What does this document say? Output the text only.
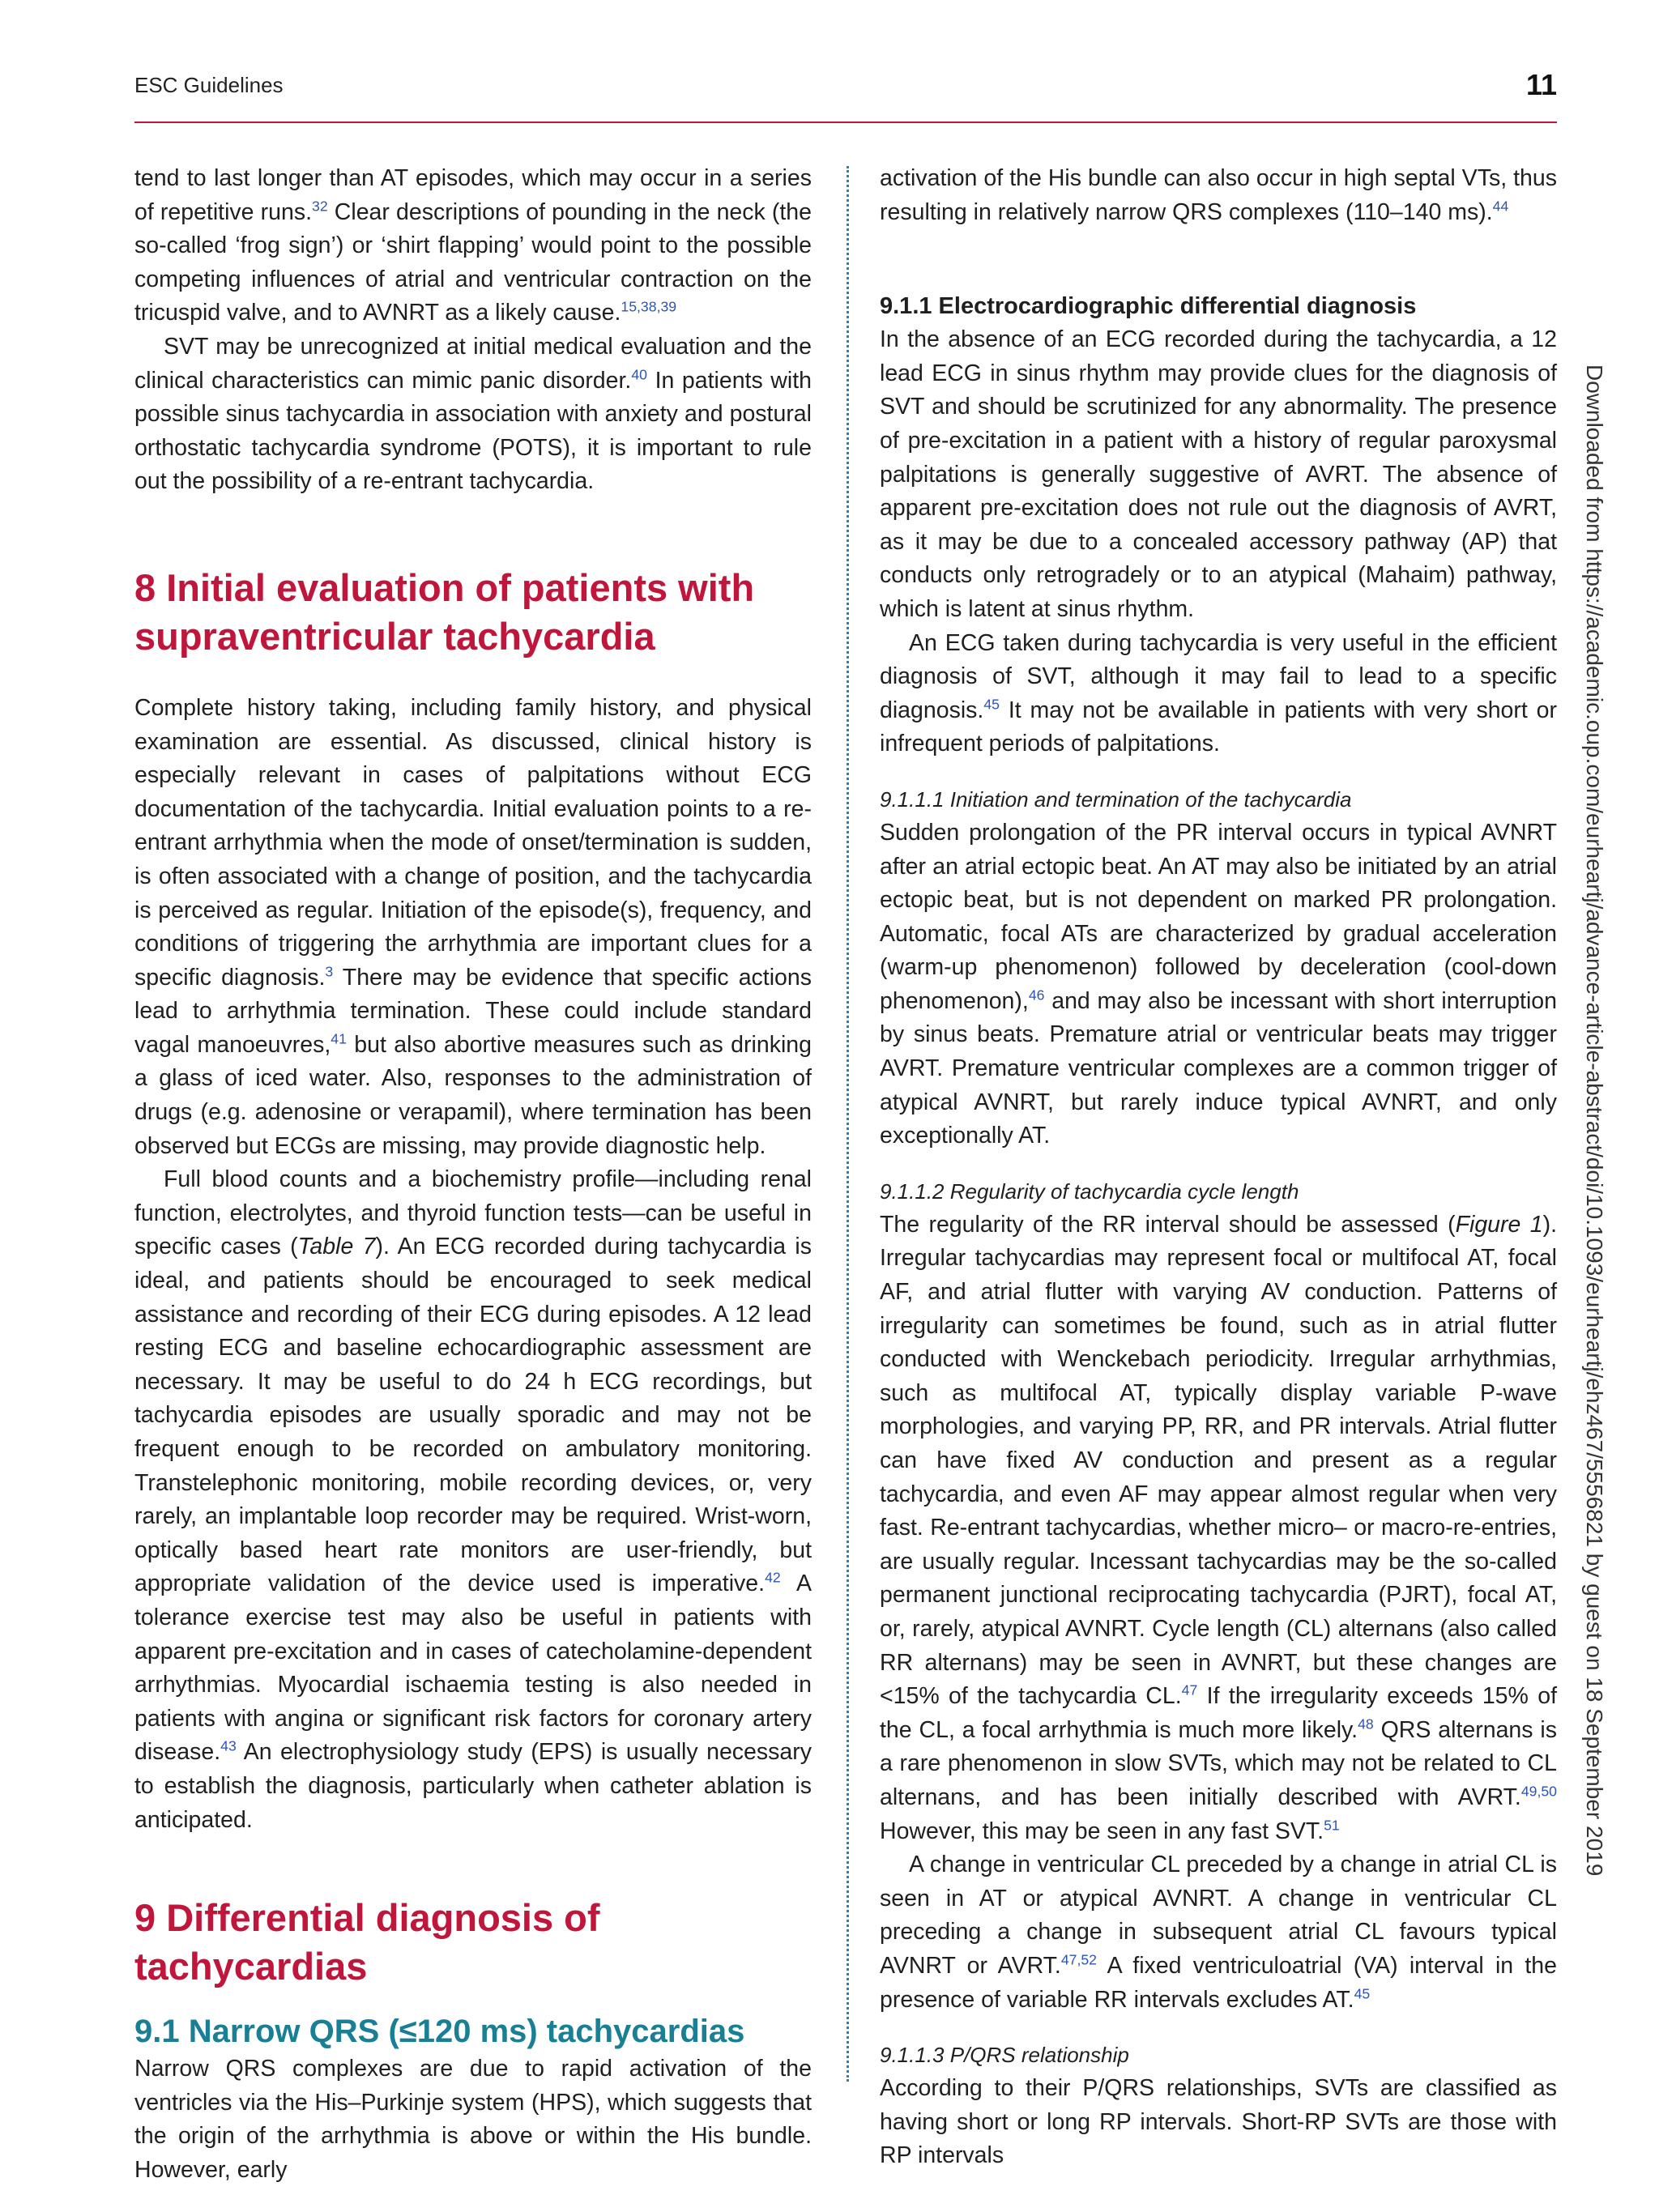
ESC Guidelines	11

tend to last longer than AT episodes, which may occur in a series of repetitive runs.$^{32}$ Clear descriptions of pounding in the neck (the so-called ‘frog sign’) or ‘shirt flapping’ would point to the possible competing influences of atrial and ventricular contraction on the tricuspid valve, and to AVNRT as a likely cause.$^{15,38,39}$

SVT may be unrecognized at initial medical evaluation and the clinical characteristics can mimic panic disorder.$^{40}$ In patients with possible sinus tachycardia in association with anxiety and postural orthostatic tachycardia syndrome (POTS), it is important to rule out the possibility of a re-entrant tachycardia.

8 Initial evaluation of patients with supraventricular tachycardia

Complete history taking, including family history, and physical examination are essential. As discussed, clinical history is especially relevant in cases of palpitations without ECG documentation of the tachycardia. Initial evaluation points to a re-entrant arrhythmia when the mode of onset/termination is sudden, is often associated with a change of position, and the tachycardia is perceived as regular. Initiation of the episode(s), frequency, and conditions of triggering the arrhythmia are important clues for a specific diagnosis.$^3$ There may be evidence that specific actions lead to arrhythmia termination. These could include standard vagal manoeuvres,$^{41}$ but also abortive measures such as drinking a glass of iced water. Also, responses to the administration of drugs (e.g. adenosine or verapamil), where termination has been observed but ECGs are missing, may provide diagnostic help.

Full blood counts and a biochemistry profile—including renal function, electrolytes, and thyroid function tests—can be useful in specific cases (Table 7). An ECG recorded during tachycardia is ideal, and patients should be encouraged to seek medical assistance and recording of their ECG during episodes. A 12 lead resting ECG and baseline echocardiographic assessment are necessary. It may be useful to do 24 h ECG recordings, but tachycardia episodes are usually sporadic and may not be frequent enough to be recorded on ambulatory monitoring. Transtelephonic monitoring, mobile recording devices, or, very rarely, an implantable loop recorder may be required. Wrist-worn, optically based heart rate monitors are user-friendly, but appropriate validation of the device used is imperative.$^{42}$ A tolerance exercise test may also be useful in patients with apparent pre-excitation and in cases of catecholamine-dependent arrhythmias. Myocardial ischaemia testing is also needed in patients with angina or significant risk factors for coronary artery disease.$^{43}$ An electrophysiology study (EPS) is usually necessary to establish the diagnosis, particularly when catheter ablation is anticipated.

9 Differential diagnosis of tachycardias
9.1 Narrow QRS (≤120 ms) tachycardias

Narrow QRS complexes are due to rapid activation of the ventricles via the His–Purkinje system (HPS), which suggests that the origin of the arrhythmia is above or within the His bundle. However, early

activation of the His bundle can also occur in high septal VTs, thus resulting in relatively narrow QRS complexes (110–140 ms).$^{44}$

9.1.1 Electrocardiographic differential diagnosis

In the absence of an ECG recorded during the tachycardia, a 12 lead ECG in sinus rhythm may provide clues for the diagnosis of SVT and should be scrutinized for any abnormality. The presence of pre-excitation in a patient with a history of regular paroxysmal palpitations is generally suggestive of AVRT. The absence of apparent pre-excitation does not rule out the diagnosis of AVRT, as it may be due to a concealed accessory pathway (AP) that conducts only retrogradely or to an atypical (Mahaim) pathway, which is latent at sinus rhythm.

An ECG taken during tachycardia is very useful in the efficient diagnosis of SVT, although it may fail to lead to a specific diagnosis.$^{45}$ It may not be available in patients with very short or infrequent periods of palpitations.

9.1.1.1 Initiation and termination of the tachycardia

Sudden prolongation of the PR interval occurs in typical AVNRT after an atrial ectopic beat. An AT may also be initiated by an atrial ectopic beat, but is not dependent on marked PR prolongation. Automatic, focal ATs are characterized by gradual acceleration (warm-up phenomenon) followed by deceleration (cool-down phenomenon),$^{46}$ and may also be incessant with short interruption by sinus beats. Premature atrial or ventricular beats may trigger AVRT. Premature ventricular complexes are a common trigger of atypical AVNRT, but rarely induce typical AVNRT, and only exceptionally AT.

9.1.1.2 Regularity of tachycardia cycle length

The regularity of the RR interval should be assessed (Figure 1). Irregular tachycardias may represent focal or multifocal AT, focal AF, and atrial flutter with varying AV conduction. Patterns of irregularity can sometimes be found, such as in atrial flutter conducted with Wenckebach periodicity. Irregular arrhythmias, such as multifocal AT, typically display variable P-wave morphologies, and varying PP, RR, and PR intervals. Atrial flutter can have fixed AV conduction and present as a regular tachycardia, and even AF may appear almost regular when very fast. Re-entrant tachycardias, whether micro– or macro-re-entries, are usually regular. Incessant tachycardias may be the so-called permanent junctional reciprocating tachycardia (PJRT), focal AT, or, rarely, atypical AVNRT. Cycle length (CL) alternans (also called RR alternans) may be seen in AVNRT, but these changes are <15% of the tachycardia CL.$^{47}$ If the irregularity exceeds 15% of the CL, a focal arrhythmia is much more likely.$^{48}$ QRS alternans is a rare phenomenon in slow SVTs, which may not be related to CL alternans, and has been initially described with AVRT.$^{49,50}$ However, this may be seen in any fast SVT.$^{51}$

A change in ventricular CL preceded by a change in atrial CL is seen in AT or atypical AVNRT. A change in ventricular CL preceding a change in subsequent atrial CL favours typical AVNRT or AVRT.$^{47,52}$ A fixed ventriculoatrial (VA) interval in the presence of variable RR intervals excludes AT.$^{45}$

9.1.1.3 P/QRS relationship

According to their P/QRS relationships, SVTs are classified as having short or long RP intervals. Short-RP SVTs are those with RP intervals

Downloaded from https://academic.oup.com/eurheartj/advance-article-abstract/doi/10.1093/eurheartj/ehz467/5556821 by guest on 18 September 2019
